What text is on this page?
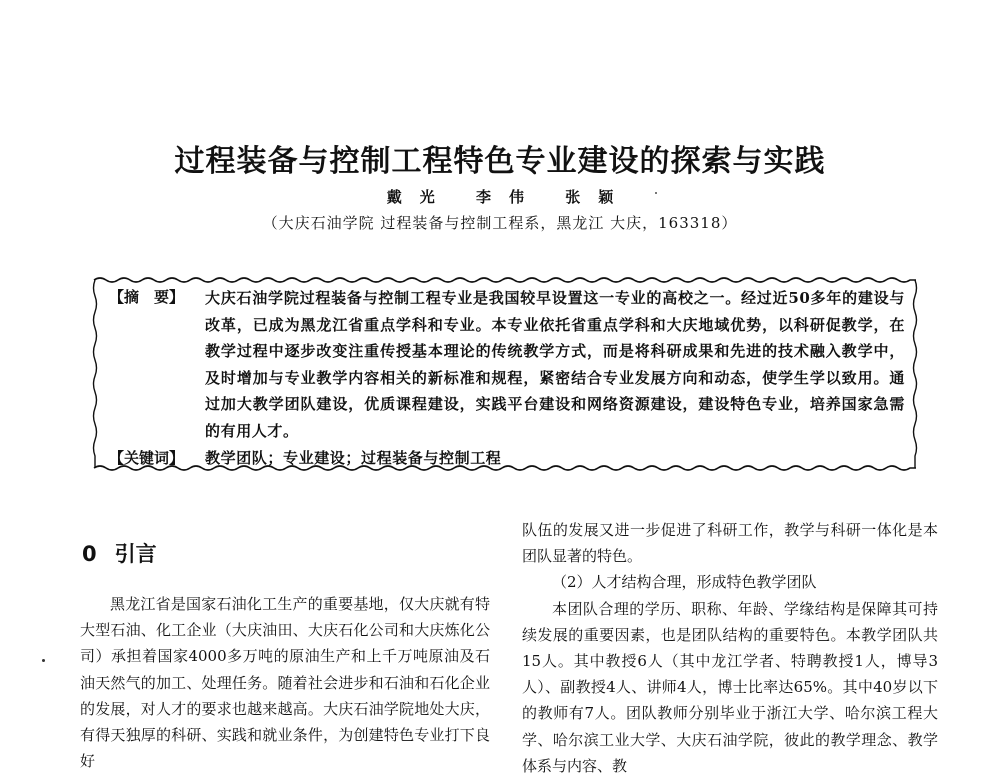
过程装备与控制工程特色专业建设的探索与实践
戴光 李伟 张颖
（大庆石油学院 过程装备与控制工程系，黑龙江 大庆，163318）
【摘　要】 大庆石油学院过程装备与控制工程专业是我国较早设置这一专业的高校之一。经过近50多年的建设与改革，已成为黑龙江省重点学科和专业。本专业依托省重点学科和大庆地域优势，以科研促教学，在教学过程中逐步改变注重传授基本理论的传统教学方式，而是将科研成果和先进的技术融入教学中，及时增加与专业教学内容相关的新标准和规程，紧密结合专业发展方向和动态，使学生学以致用。通过加大教学团队建设，优质课程建设，实践平台建设和网络资源建设，建设特色专业，培养国家急需的有用人才。
【关键词】 教学团队；专业建设；过程装备与控制工程
0 引言

黑龙江省是国家石油化工生产的重要基地，仅大庆就有特大型石油、化工企业（大庆油田、大庆石化公司和大庆炼化公司）承担着国家4000多万吨的原油生产和上千万吨原油及石油天然气的加工、处理任务。随着社会进步和石油和石化企业的发展，对人才的要求也越来越高。大庆石油学院地处大庆，有得天独厚的科研、实践和就业条件，为创建特色专业打下良好

队伍的发展又进一步促进了科研工作，教学与科研一体化是本团队显著的特色。

（2）人才结构合理，形成特色教学团队

本团队合理的学历、职称、年龄、学缘结构是保障其可持续发展的重要因素，也是团队结构的重要特色。本教学团队共15人。其中教授6人（其中龙江学者、特聘教授1人，博导3人）、副教授4人、讲师4人，博士比率达65%。其中40岁以下的教师有7人。团队教师分别毕业于浙江大学、哈尔滨工程大学、哈尔滨工业大学、大庆石油学院，彼此的教学理念、教学体系与内容、教
